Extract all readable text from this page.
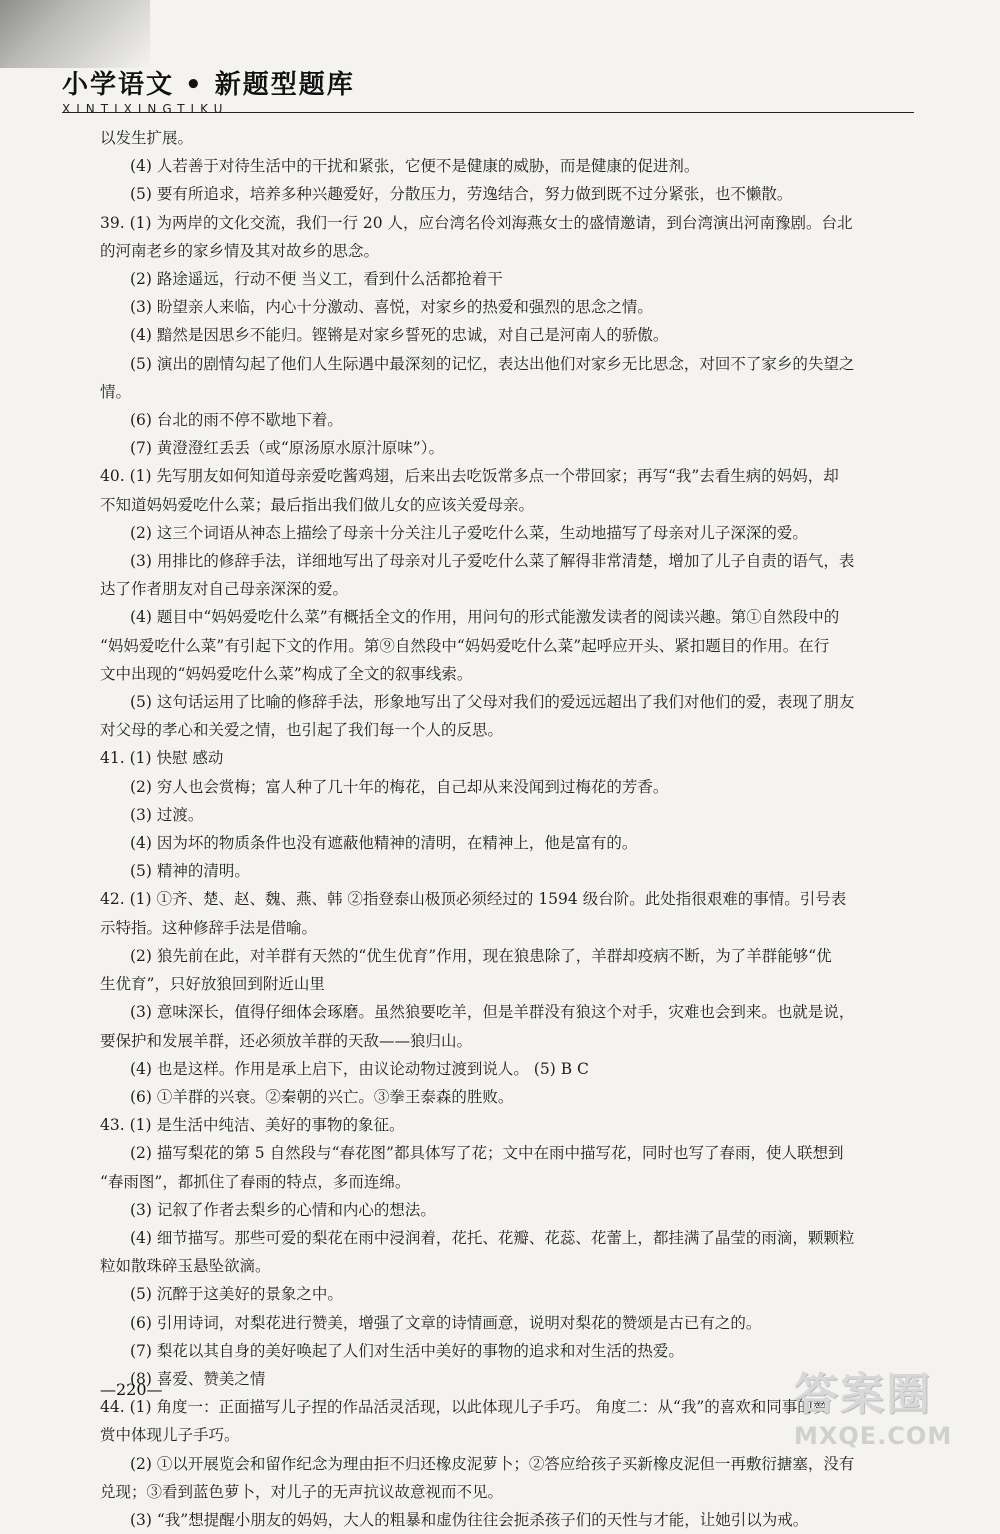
小学语文 • 新题型题库
XINTIXINGTIKU
以发生扩展。
(4) 人若善于对待生活中的干扰和紧张，它便不是健康的威胁，而是健康的促进剂。
(5) 要有所追求，培养多种兴趣爱好，分散压力，劳逸结合，努力做到既不过分紧张，也不懒散。
39. (1) 为两岸的文化交流，我们一行 20 人，应台湾名伶刘海燕女士的盛情邀请，到台湾演出河南豫剧。台北
的河南老乡的家乡情及其对故乡的思念。
(2) 路途遥远，行动不便 当义工，看到什么活都抢着干
(3) 盼望亲人来临，内心十分激动、喜悦，对家乡的热爱和强烈的思念之情。
(4) 黯然是因思乡不能归。铿锵是对家乡誓死的忠诚，对自己是河南人的骄傲。
(5) 演出的剧情勾起了他们人生际遇中最深刻的记忆，表达出他们对家乡无比思念，对回不了家乡的失望之
情。
(6) 台北的雨不停不歇地下着。
(7) 黄澄澄红丢丢（或“原汤原水原汁原味”）。
40. (1) 先写朋友如何知道母亲爱吃酱鸡翅，后来出去吃饭常多点一个带回家；再写“我”去看生病的妈妈，却
不知道妈妈爱吃什么菜；最后指出我们做儿女的应该关爱母亲。
(2) 这三个词语从神态上描绘了母亲十分关注儿子爱吃什么菜，生动地描写了母亲对儿子深深的爱。
(3) 用排比的修辞手法，详细地写出了母亲对儿子爱吃什么菜了解得非常清楚，增加了儿子自责的语气，表
达了作者朋友对自己母亲深深的爱。
(4) 题目中“妈妈爱吃什么菜”有概括全文的作用，用问句的形式能激发读者的阅读兴趣。第①自然段中的
“妈妈爱吃什么菜”有引起下文的作用。第⑨自然段中“妈妈爱吃什么菜”起呼应开头、紧扣题目的作用。在行
文中出现的“妈妈爱吃什么菜”构成了全文的叙事线索。
(5) 这句话运用了比喻的修辞手法，形象地写出了父母对我们的爱远远超出了我们对他们的爱，表现了朋友
对父母的孝心和关爱之情，也引起了我们每一个人的反思。
41. (1) 快慰 感动
(2) 穷人也会赏梅；富人种了几十年的梅花，自己却从来没闻到过梅花的芳香。
(3) 过渡。
(4) 因为坏的物质条件也没有遮蔽他精神的清明，在精神上，他是富有的。
(5) 精神的清明。
42. (1) ①齐、楚、赵、魏、燕、韩 ②指登泰山极顶必须经过的 1594 级台阶。此处指很艰难的事情。引号表
示特指。这种修辞手法是借喻。
(2) 狼先前在此，对羊群有天然的“优生优育”作用，现在狼患除了，羊群却疫病不断，为了羊群能够“优
生优育”，只好放狼回到附近山里
(3) 意味深长，值得仔细体会琢磨。虽然狼要吃羊，但是羊群没有狼这个对手，灾难也会到来。也就是说，
要保护和发展羊群，还必须放羊群的天敌——狼归山。
(4) 也是这样。作用是承上启下，由议论动物过渡到说人。 (5) B C
(6) ①羊群的兴衰。②秦朝的兴亡。③拳王泰森的胜败。
43. (1) 是生活中纯洁、美好的事物的象征。
(2) 描写梨花的第 5 自然段与“春花图”都具体写了花；文中在雨中描写花，同时也写了春雨，使人联想到
“春雨图”，都抓住了春雨的特点，多而连绵。
(3) 记叙了作者去梨乡的心情和内心的想法。
(4) 细节描写。那些可爱的梨花在雨中浸润着，花托、花瓣、花蕊、花蕾上，都挂满了晶莹的雨滴，颗颗粒
粒如散珠碎玉悬坠欲滴。
(5) 沉醉于这美好的景象之中。
(6) 引用诗词，对梨花进行赞美，增强了文章的诗情画意，说明对梨花的赞颂是古已有之的。
(7) 梨花以其自身的美好唤起了人们对生活中美好的事物的追求和对生活的热爱。
(8) 喜爱、赞美之情
44. (1) 角度一：正面描写儿子捏的作品活灵活现，以此体现儿子手巧。 角度二：从“我”的喜欢和同事的赞
赏中体现儿子手巧。
(2) ①以开展览会和留作纪念为理由拒不归还橡皮泥萝卜；②答应给孩子买新橡皮泥但一再敷衍搪塞，没有
兑现；③看到蓝色萝卜，对儿子的无声抗议故意视而不见。
(3) “我”想提醒小朋友的妈妈，大人的粗暴和虚伪往往会扼杀孩子们的天性与才能，让她引以为戒。
—220—	答案圈
MXQE.COM
